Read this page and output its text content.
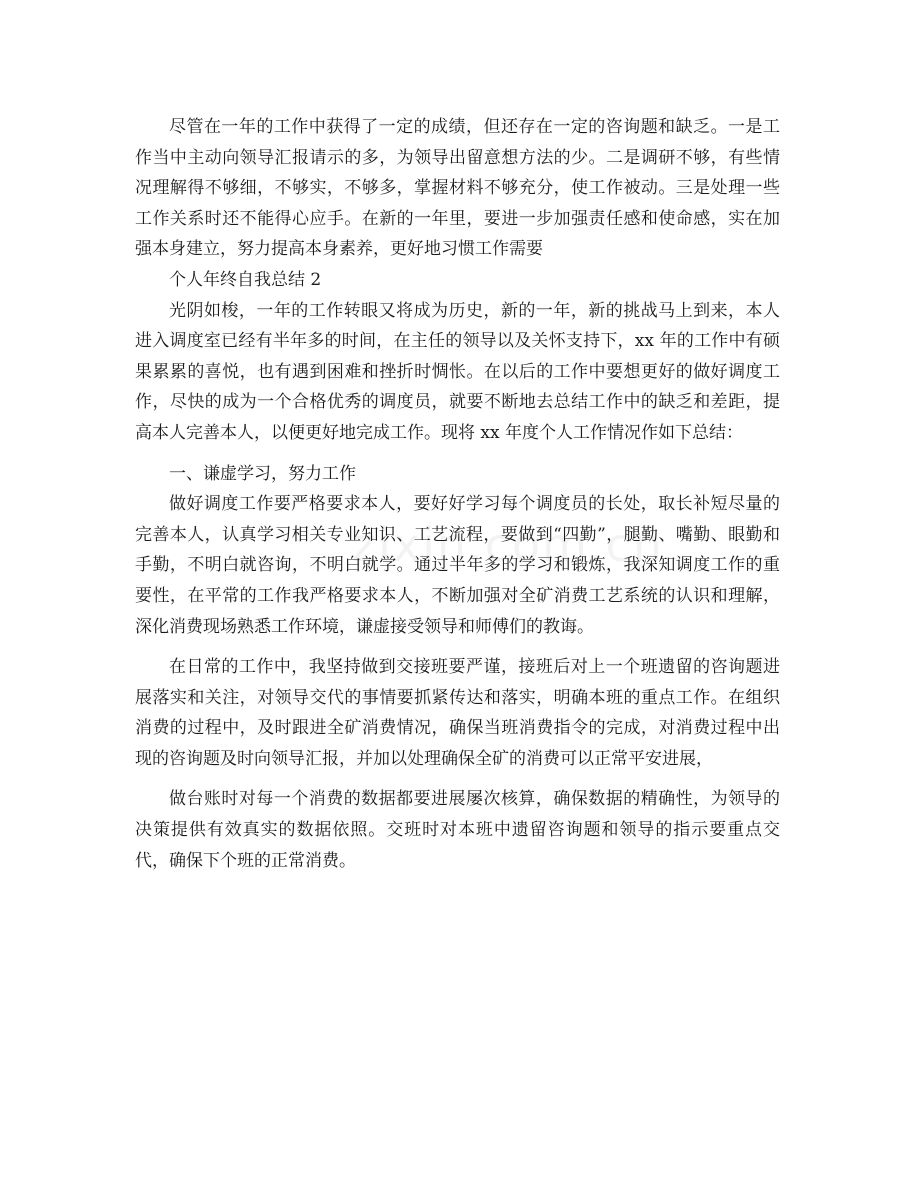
尽管在一年的工作中获得了一定的成绩，但还存在一定的咨询题和缺乏。一是工作当中主动向领导汇报请示的多，为领导出留意想方法的少。二是调研不够，有些情况理解得不够细，不够实，不够多，掌握材料不够充分，使工作被动。三是处理一些工作关系时还不能得心应手。在新的一年里，要进一步加强责任感和使命感，实在加强本身建立，努力提高本身素养，更好地习惯工作需要

个人年终自我总结 2

光阴如梭，一年的工作转眼又将成为历史，新的一年，新的挑战马上到来，本人进入调度室已经有半年多的时间，在主任的领导以及关怀支持下，xx 年的工作中有硕果累累的喜悦，也有遇到困难和挫折时惆怅。在以后的工作中要想更好的做好调度工作，尽快的成为一个合格优秀的调度员，就要不断地去总结工作中的缺乏和差距，提高本人完善本人，以便更好地完成工作。现将 xx 年度个人工作情况作如下总结：

一、谦虚学习，努力工作

做好调度工作要严格要求本人，要好好学习每个调度员的长处，取长补短尽量的完善本人，认真学习相关专业知识、工艺流程，要做到“四勤”，腿勤、嘴勤、眼勤和手勤，不明白就咨询，不明白就学。通过半年多的学习和锻炼，我深知调度工作的重要性，在平常的工作我严格要求本人，不断加强对全矿消费工艺系统的认识和理解，深化消费现场熟悉工作环境，谦虚接受领导和师傅们的教诲。

在日常的工作中，我坚持做到交接班要严谨，接班后对上一个班遗留的咨询题进展落实和关注，对领导交代的事情要抓紧传达和落实，明确本班的重点工作。在组织消费的过程中，及时跟进全矿消费情况，确保当班消费指令的完成，对消费过程中出现的咨询题及时向领导汇报，并加以处理确保全矿的消费可以正常平安进展，

做台账时对每一个消费的数据都要进展屡次核算，确保数据的精确性，为领导的决策提供有效真实的数据依照。交班时对本班中遗留咨询题和领导的指示要重点交代，确保下个班的正常消费。
